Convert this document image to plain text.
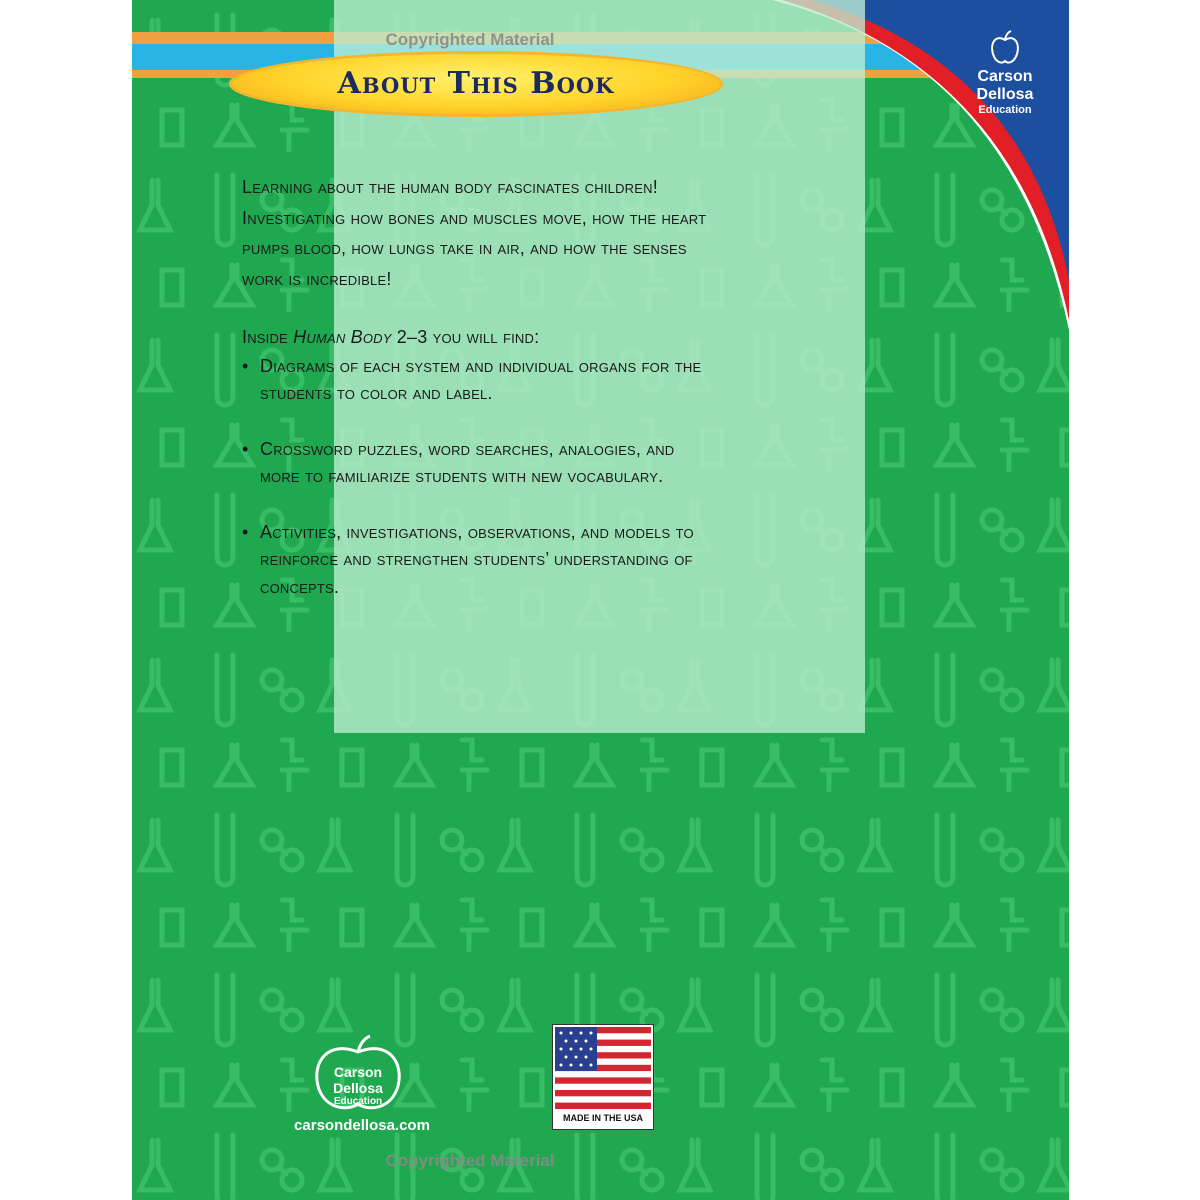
Copyrighted Material
About This Book	Carson
Dellosa
Education

Learning about the human body fascinates children! Investigating how bones and muscles move, how the heart pumps blood, how lungs take in air, and how the senses work is incredible!

Inside Human Body 2–3 you will find:

• Diagrams of each system and individual organs for the students to color and label.
• Crossword puzzles, word searches, analogies, and more to familiarize students with new vocabulary.
• Activities, investigations, observations, and models to reinforce and strengthen students’ understanding of concepts.
Carson
Dellosa
Education
carsondellosa.com	MADE IN THE USA
Copyrighted Material
